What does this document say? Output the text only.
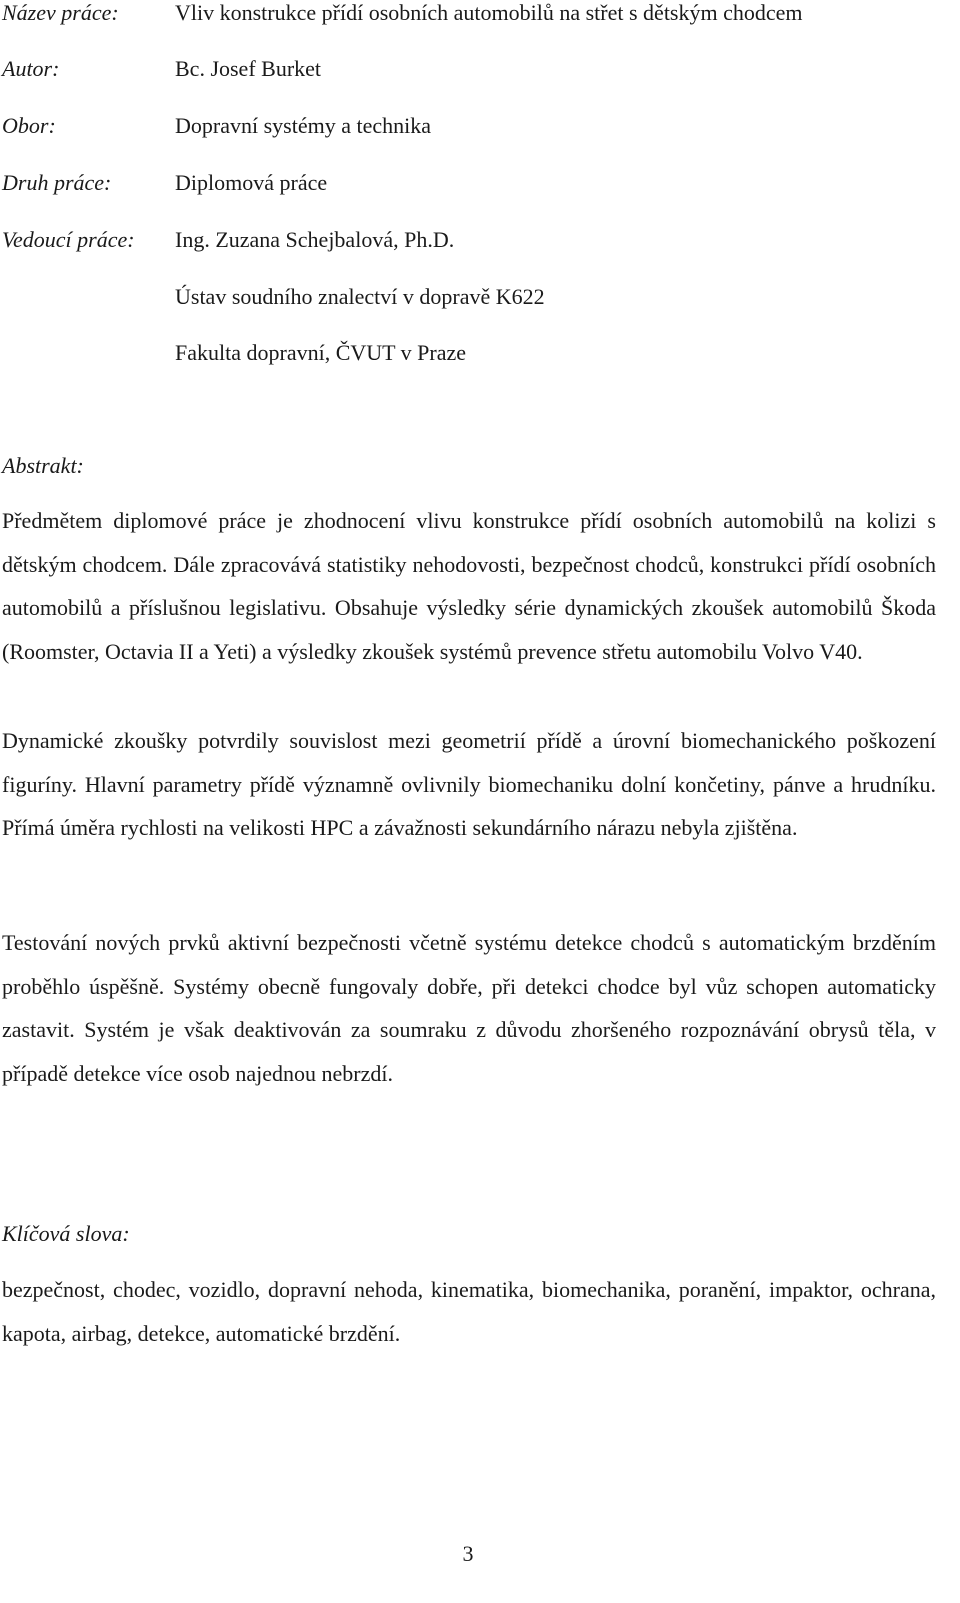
Název práce:	Vliv konstrukce přídí osobních automobilů na střet s dětským chodcem
Autor:	Bc. Josef Burket
Obor:	Dopravní systémy a technika
Druh práce:	Diplomová práce
Vedoucí práce: Ing. Zuzana Schejbalová, Ph.D.
Ústav soudního znalectví v dopravě K622
Fakulta dopravní, ČVUT v Praze
Abstrakt:

Předmětem diplomové práce je zhodnocení vlivu konstrukce přídí osobních automobilů na kolizi s dětským chodcem. Dále zpracovává statistiky nehodovosti, bezpečnost chodců, konstrukci přídí osobních automobilů a příslušnou legislativu. Obsahuje výsledky série dynamických zkoušek automobilů Škoda (Roomster, Octavia II a Yeti) a výsledky zkoušek systémů prevence střetu automobilu Volvo V40.

Dynamické zkoušky potvrdily souvislost mezi geometrií přídě a úrovní biomechanického poškození figuríny. Hlavní parametry přídě významně ovlivnily biomechaniku dolní končetiny, pánve a hrudníku. Přímá úměra rychlosti na velikosti HPC a závažnosti sekundárního nárazu nebyla zjištěna.

Testování nových prvků aktivní bezpečnosti včetně systému detekce chodců s automatickým brzděním proběhlo úspěšně. Systémy obecně fungovaly dobře, při detekci chodce byl vůz schopen automaticky zastavit. Systém je však deaktivován za soumraku z důvodu zhoršeného rozpoznávání obrysů těla, v případě detekce více osob najednou nebrzdí.

Klíčová slova:

bezpečnost, chodec, vozidlo, dopravní nehoda, kinematika, biomechanika, poranění, impaktor, ochrana, kapota, airbag, detekce, automatické brzdění.

3
